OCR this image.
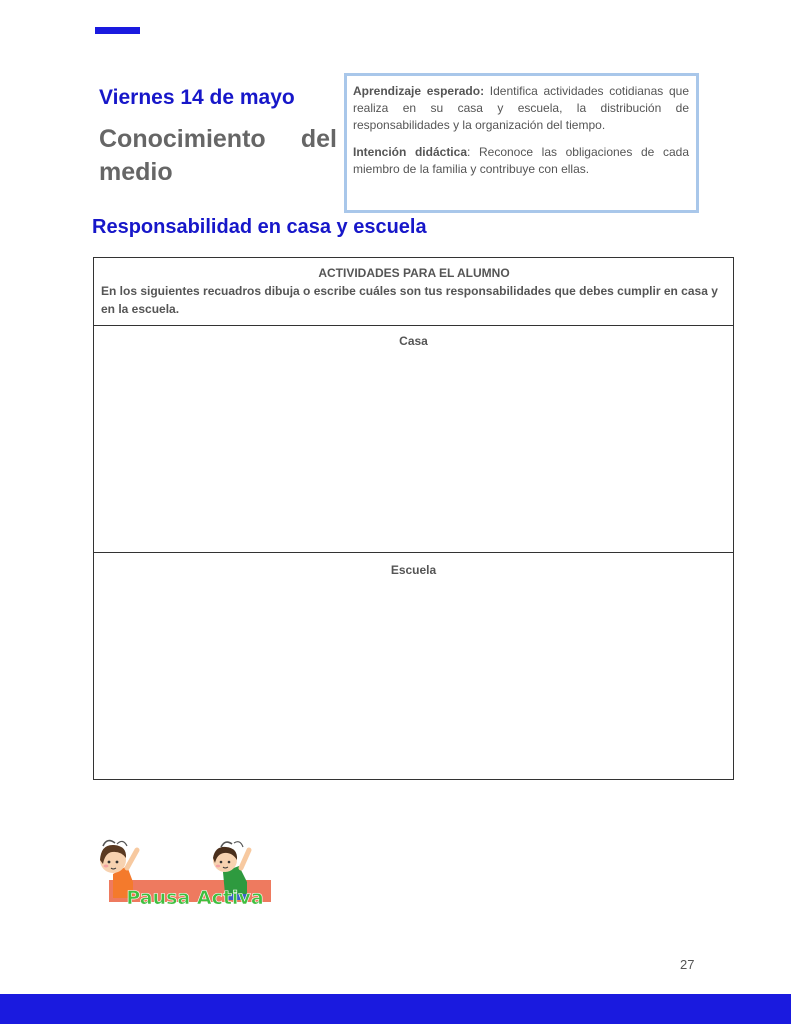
Viernes 14 de mayo
Conocimiento del medio

Aprendizaje esperado: Identifica actividades cotidianas que realiza en su casa y escuela, la distribución de responsabilidades y la organización del tiempo.

Intención didáctica: Reconoce las obligaciones de cada miembro de la familia y contribuye con ellas.

Responsabilidad en casa y escuela
ACTIVIDADES PARA EL ALUMNO
En los siguientes recuadros dibuja o escribe cuáles son tus responsabilidades que debes cumplir en casa y en la escuela.
Casa
Escuela
Pausa Activa
27
